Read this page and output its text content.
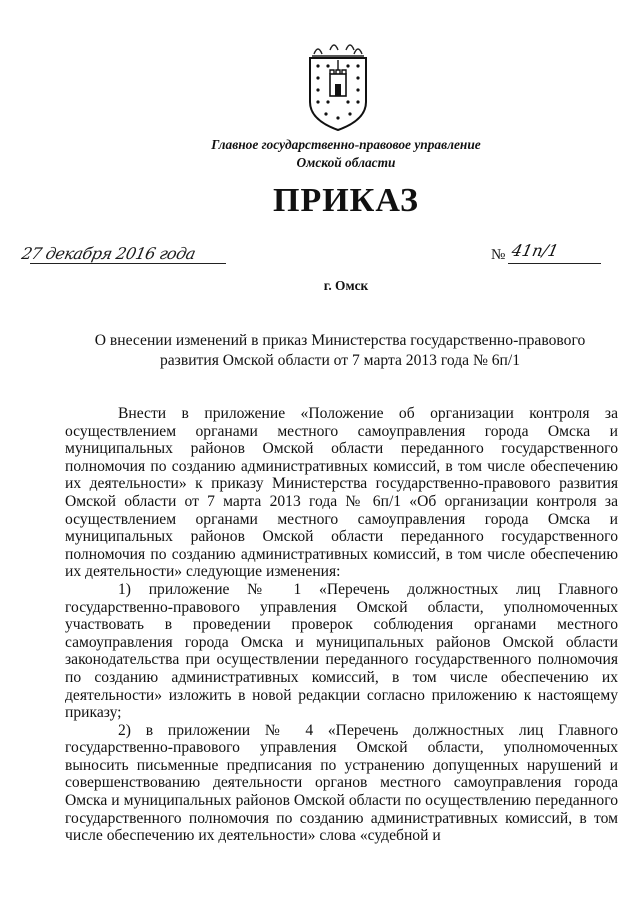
Главное государственно-правовое управление
Омской области
ПРИКАЗ
27 декабря 2016 года	№ 41п/1
г. Омск
О внесении изменений в приказ Министерства государственно-правового
развития Омской области от 7 марта 2013 года № 6п/1

Внести в приложение «Положение об организации контроля за осуществлением органами местного самоуправления города Омска и муниципальных районов Омской области переданного государственного полномочия по созданию административных комиссий, в том числе обеспечению их деятельности» к приказу Министерства государственно-правового развития Омской области от 7 марта 2013 года № 6п/1 «Об организации контроля за осуществлением органами местного самоуправления города Омска и муниципальных районов Омской области переданного государственного полномочия по созданию административных комиссий, в том числе обеспечению их деятельности» следующие изменения:

1) приложение № 1 «Перечень должностных лиц Главного государственно-правового управления Омской области, уполномоченных участвовать в проведении проверок соблюдения органами местного самоуправления города Омска и муниципальных районов Омской области законодательства при осуществлении переданного государственного полномочия по созданию административных комиссий, в том числе обеспечению их деятельности» изложить в новой редакции согласно приложению к настоящему приказу;

2) в приложении № 4 «Перечень должностных лиц Главного государственно-правового управления Омской области, уполномоченных выносить письменные предписания по устранению допущенных нарушений и совершенствованию деятельности органов местного самоуправления города Омска и муниципальных районов Омской области по осуществлению переданного государственного полномочия по созданию административных комиссий, в том числе обеспечению их деятельности» слова «судебной и
